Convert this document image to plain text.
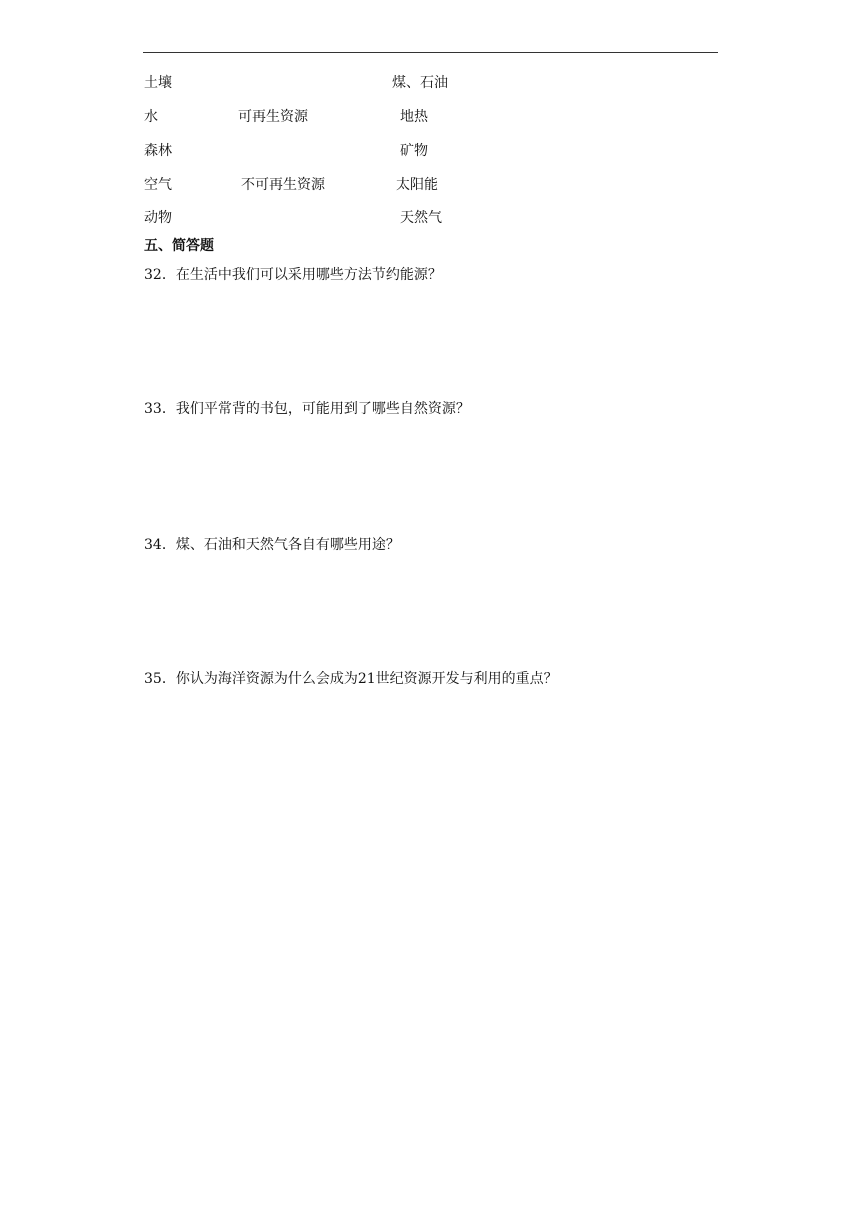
土壤
水
森林
空气
动物
可再生资源
不可再生资源
煤、石油
地热
矿物
太阳能
天然气
五、简答题
32．在生活中我们可以采用哪些方法节约能源？
33．我们平常背的书包，可能用到了哪些自然资源？
34．煤、石油和天然气各自有哪些用途？
35．你认为海洋资源为什么会成为21世纪资源开发与利用的重点？
